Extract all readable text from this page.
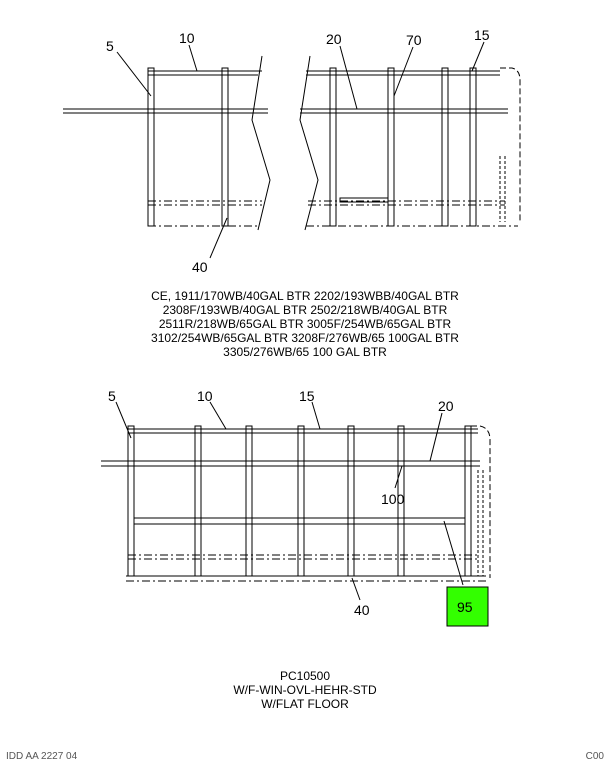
5	10	20	70	15
40
5	10	15
20
100
40	95
CE, 1911/170WB/40GAL BTR 2202/193WBB/40GAL BTR
2308F/193WB/40GAL BTR 2502/218WB/40GAL BTR
2511R/218WB/65GAL BTR 3005F/254WB/65GAL BTR
3102/254WB/65GAL BTR 3208F/276WB/65 100GAL BTR
3305/276WB/65 100 GAL BTR
PC10500
W/F-WIN-OVL-HEHR-STD
W/FLAT FLOOR
IDD AA 2227 04	C00
